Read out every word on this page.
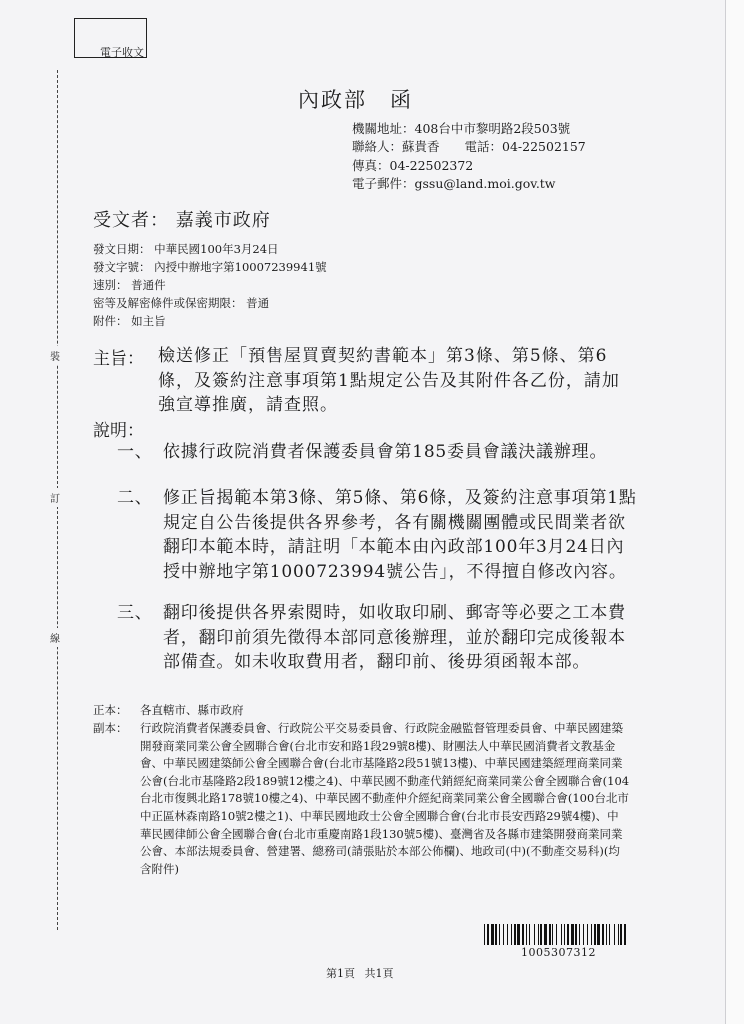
電子收文
裝
訂
線
內政部　函
機關地址：408台中市黎明路2段503號
聯絡人：蘇貴香　　電話：04-22502157
傳真：04-22502372
電子郵件：gssu@land.moi.gov.tw
受文者： 嘉義市政府
發文日期： 中華民國100年3月24日
發文字號： 內授中辦地字第10007239941號
速別： 普通件
密等及解密條件或保密期限： 普通
附件： 如主旨
主旨： 檢送修正「預售屋買賣契約書範本」第3條、第5條、第6條，及簽約注意事項第1點規定公告及其附件各乙份，請加強宣導推廣，請查照。
說明：
一、 依據行政院消費者保護委員會第185委員會議決議辦理。
二、 修正旨揭範本第3條、第5條、第6條，及簽約注意事項第1點規定自公告後提供各界參考，各有關機關團體或民間業者欲翻印本範本時，請註明「本範本由內政部100年3月24日內授中辦地字第1000723994號公告」，不得擅自修改內容。
三、 翻印後提供各界索閱時，如收取印刷、郵寄等必要之工本費者，翻印前須先徵得本部同意後辦理，並於翻印完成後報本部備查。如未收取費用者，翻印前、後毋須函報本部。
正本：	各直轄市、縣市政府
副本：	行政院消費者保護委員會、行政院公平交易委員會、行政院金融監督管理委員會、中華民國建築開發商業同業公會全國聯合會(台北市安和路1段29號8樓)、財團法人中華民國消費者文教基金會、中華民國建築師公會全國聯合會(台北市基隆路2段51號13樓)、中華民國建築經理商業同業公會(台北市基隆路2段189號12樓之4)、中華民國不動產代銷經紀商業同業公會全國聯合會(104台北市復興北路178號10樓之4)、中華民國不動產仲介經紀商業同業公會全國聯合會(100台北市中正區林森南路10號2樓之1)、中華民國地政士公會全國聯合會(台北市長安西路29號4樓)、中華民國律師公會全國聯合會(台北市重慶南路1段130號5樓)、臺灣省及各縣市建築開發商業同業公會、本部法規委員會、營建署、總務司(請張貼於本部公佈欄)、地政司(中)(不動產交易科)(均含附件)
1005307312
第1頁 共1頁
